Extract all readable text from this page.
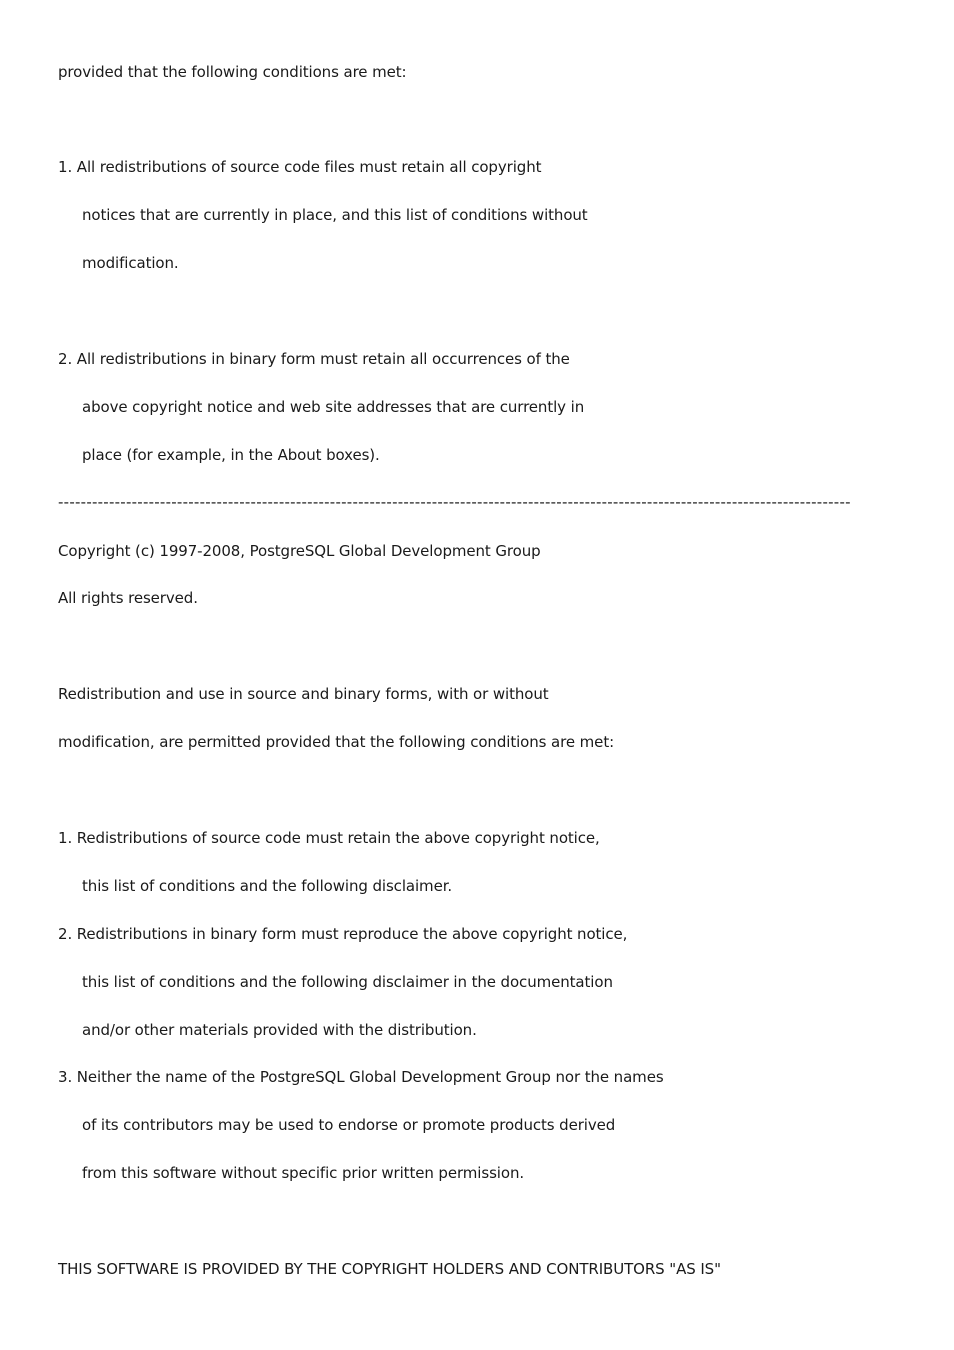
provided that the following conditions are met:
1. All redistributions of source code files must retain all copyright
notices that are currently in place, and this list of conditions without
modification.
2. All redistributions in binary form must retain all occurrences of the
above copyright notice and web site addresses that are currently in
place (for example, in the About boxes).
--------------------------------------------------------------------------------------------------------------------------------------------
Copyright (c) 1997-2008, PostgreSQL Global Development Group
All rights reserved.
Redistribution and use in source and binary forms, with or without
modification, are permitted provided that the following conditions are met:
1. Redistributions of source code must retain the above copyright notice,
this list of conditions and the following disclaimer.
2. Redistributions in binary form must reproduce the above copyright notice,
this list of conditions and the following disclaimer in the documentation
and/or other materials provided with the distribution.
3. Neither the name of the PostgreSQL Global Development Group nor the names
of its contributors may be used to endorse or promote products derived
from this software without specific prior written permission.
THIS SOFTWARE IS PROVIDED BY THE COPYRIGHT HOLDERS AND CONTRIBUTORS "AS IS"
